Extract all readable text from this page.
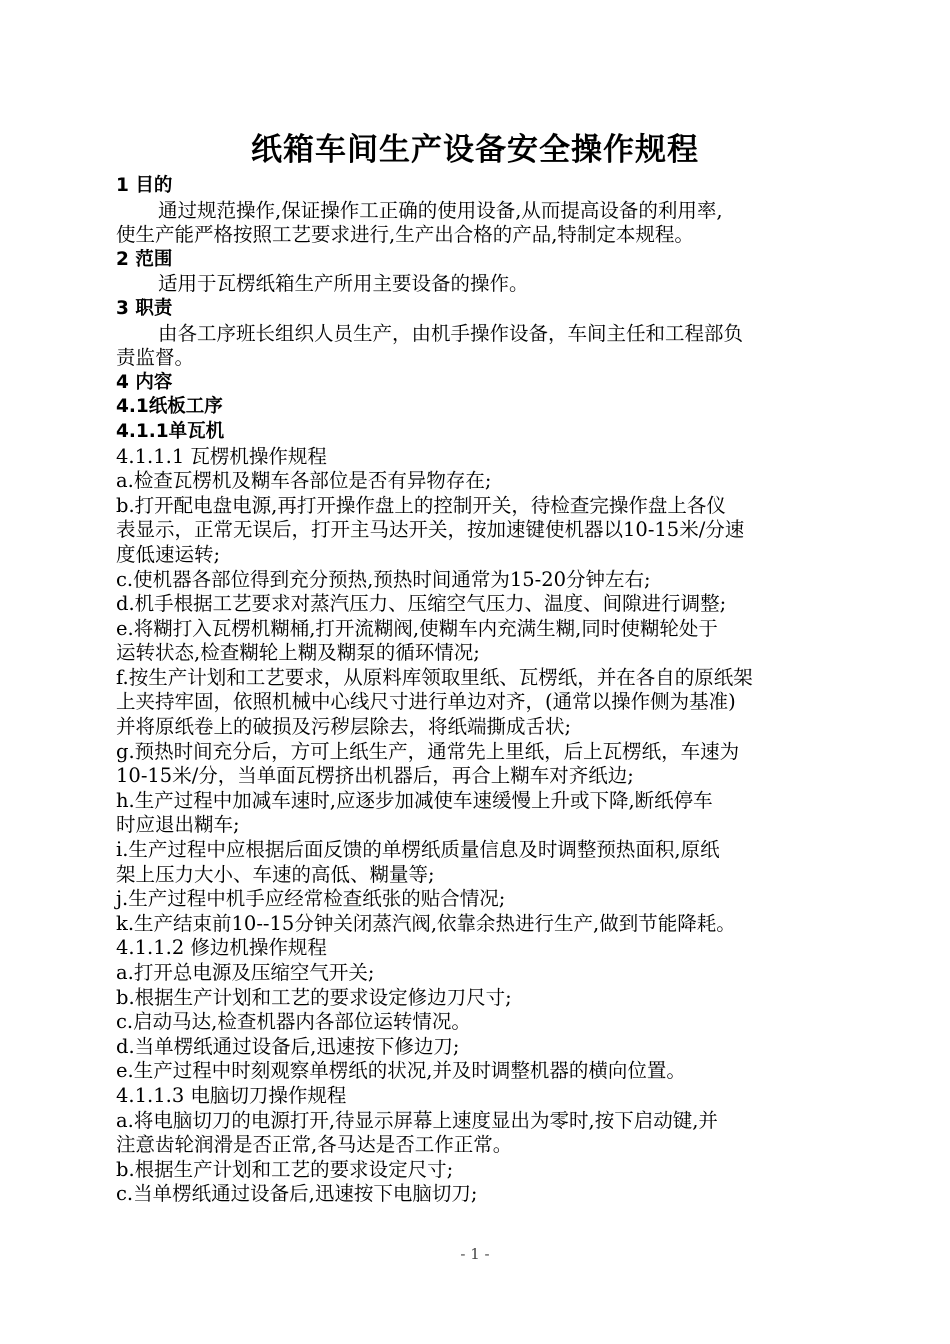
纸箱车间生产设备安全操作规程
1 目的
通过规范操作,保证操作工正确的使用设备,从而提高设备的利用率,
使生产能严格按照工艺要求进行,生产出合格的产品,特制定本规程。
2 范围
适用于瓦楞纸箱生产所用主要设备的操作。
3 职责
由各工序班长组织人员生产，由机手操作设备，车间主任和工程部负
责监督。
4 内容
4.1纸板工序
4.1.1单瓦机
4.1.1.1 瓦楞机操作规程
a.检查瓦楞机及糊车各部位是否有异物存在;
b.打开配电盘电源,再打开操作盘上的控制开关，待检查完操作盘上各仪
表显示，正常无误后，打开主马达开关，按加速键使机器以10-15米/分速
度低速运转;
c.使机器各部位得到充分预热,预热时间通常为15-20分钟左右;
d.机手根据工艺要求对蒸汽压力、压缩空气压力、温度、间隙进行调整;
e.将糊打入瓦楞机糊桶,打开流糊阀,使糊车内充满生糊,同时使糊轮处于
运转状态,检查糊轮上糊及糊泵的循环情况;
f.按生产计划和工艺要求，从原料库领取里纸、瓦楞纸，并在各自的原纸架
上夹持牢固，依照机械中心线尺寸进行单边对齐，(通常以操作侧为基准)
并将原纸卷上的破损及污秽层除去，将纸端撕成舌状;
g.预热时间充分后，方可上纸生产，通常先上里纸，后上瓦楞纸，车速为
10-15米/分，当单面瓦楞挤出机器后，再合上糊车对齐纸边;
h.生产过程中加减车速时,应逐步加减使车速缓慢上升或下降,断纸停车
时应退出糊车;
i.生产过程中应根据后面反馈的单楞纸质量信息及时调整预热面积,原纸
架上压力大小、车速的高低、糊量等;
j.生产过程中机手应经常检查纸张的贴合情况;
k.生产结束前10--15分钟关闭蒸汽阀,依靠余热进行生产,做到节能降耗。
4.1.1.2 修边机操作规程
a.打开总电源及压缩空气开关;
b.根据生产计划和工艺的要求设定修边刀尺寸;
c.启动马达,检查机器内各部位运转情况。
d.当单楞纸通过设备后,迅速按下修边刀;
e.生产过程中时刻观察单楞纸的状况,并及时调整机器的横向位置。
4.1.1.3 电脑切刀操作规程
a.将电脑切刀的电源打开,待显示屏幕上速度显出为零时,按下启动键,并
注意齿轮润滑是否正常,各马达是否工作正常。
b.根据生产计划和工艺的要求设定尺寸;
c.当单楞纸通过设备后,迅速按下电脑切刀;
- 1 -
